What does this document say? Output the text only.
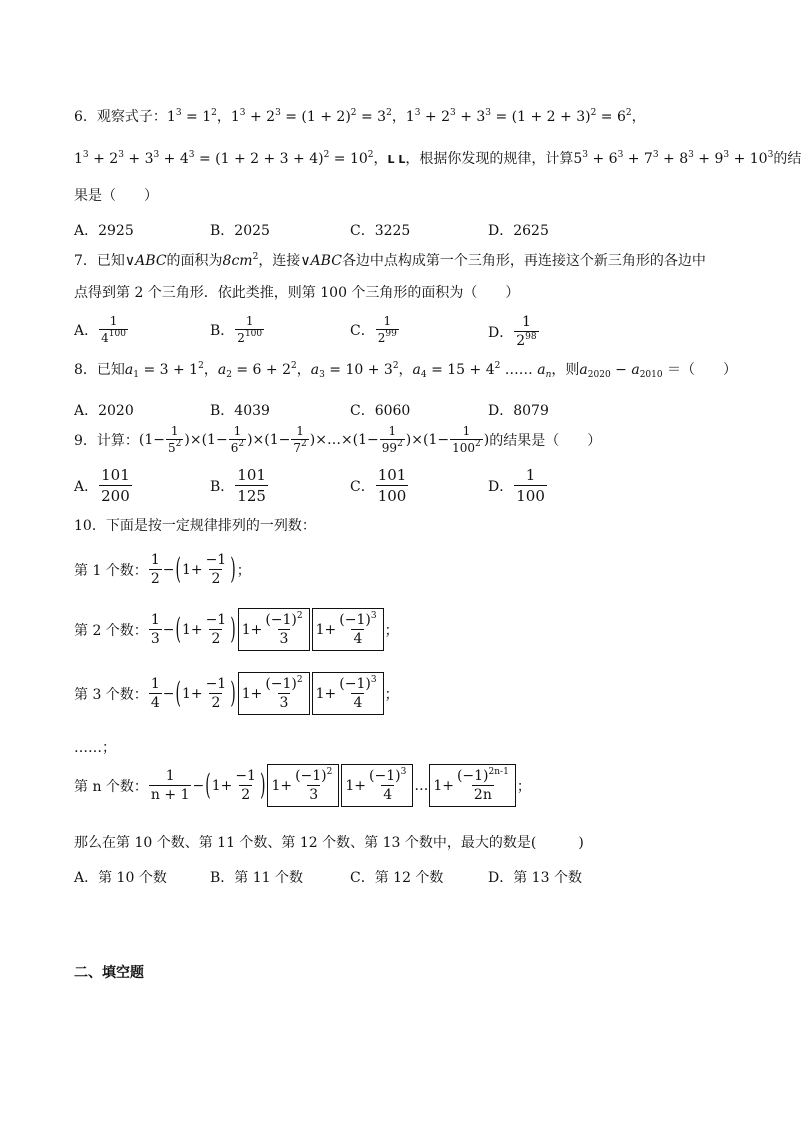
6．观察式子：$1^3 = 1^2$，$1^3 + 2^3 = (1 + 2)^2 = 3^2$，$1^3 + 2^3 + 3^3 = (1 + 2 + 3)^2 = 6^2$，
$1^3 + 2^3 + 3^3 + 4^3 = (1 + 2 + 3 + 4)^2 = 10^2$，L L，根据你发现的规律，计算$5^3 + 6^3 + 7^3 + 8^3 + 9^3 + 10^3$的结
果是（　　）
A．2925	B．2025	C．3225	D．2625
7．已知∨ABC的面积为$8cm^2$，连接∨ABC各边中点构成第一个三角形，再连接这个新三角形的各边中
点得到第 2 个三角形．依此类推，则第 100 个三角形的面积为（　　）
A． $\frac{1}{4^{100}}$	B． $\frac{1}{2^{100}}$	C． $\frac{1}{2^{99}}$	D． $\frac{1}{2^{98}}$
8．已知$a_1 = 3 + 1^2$，$a_2 = 6 + 2^2$，$a_3 = 10 + 3^2$，$a_4 = 15 + 4^2$ …… $a_n$，则$a_{2020} - a_{2010}$ ＝（　　）
A．2020	B．4039	C．6060	D．8079
9．计算： $(1- \frac{1}{5^2} )\times(1- \frac{1}{6^2} )\times(1- \frac{1}{7^2}$ )×…×(1− $\frac{1}{99^2} )\times(1- \frac{1}{100^2}$ ) 的结果是（　　）
A． $\frac{101}{200}$	B． $\frac{101}{125}$	C． $\frac{101}{100}$	D． $\frac{1}{100}$
10．下面是按一定规律排列的一列数：
第 1 个数： $\frac{1}{2}$ − ( $1+ \frac{-1}{2}$ ) ；
第 2 个数： $\frac{1}{3}$ − ( $1+ \frac{-1}{2}$ ) $1+ \frac{(-1)^2}{3} 1+ \frac{(-1)^3}{4}$ ；
第 3 个数： $\frac{1}{4}$ − ( $1+ \frac{-1}{2}$ ) $1+ \frac{(-1)^2}{3} 1+ \frac{(-1)^3}{4}$ ；
……；
第 n 个数： $\frac{1}{n + 1}$ − ( $1+ \frac{-1}{2}$ ) $1+ \frac{(-1)^2}{3} 1+ \frac{(-1)^3}{4}$ … $1+ \frac{(-1)^{2n-1}}{2n}$ ；
那么在第 10 个数、第 11 个数、第 12 个数、第 13 个数中，最大的数是(　　　)
A．第 10 个数	B．第 11 个数	C．第 12 个数	D．第 13 个数
二、填空题
